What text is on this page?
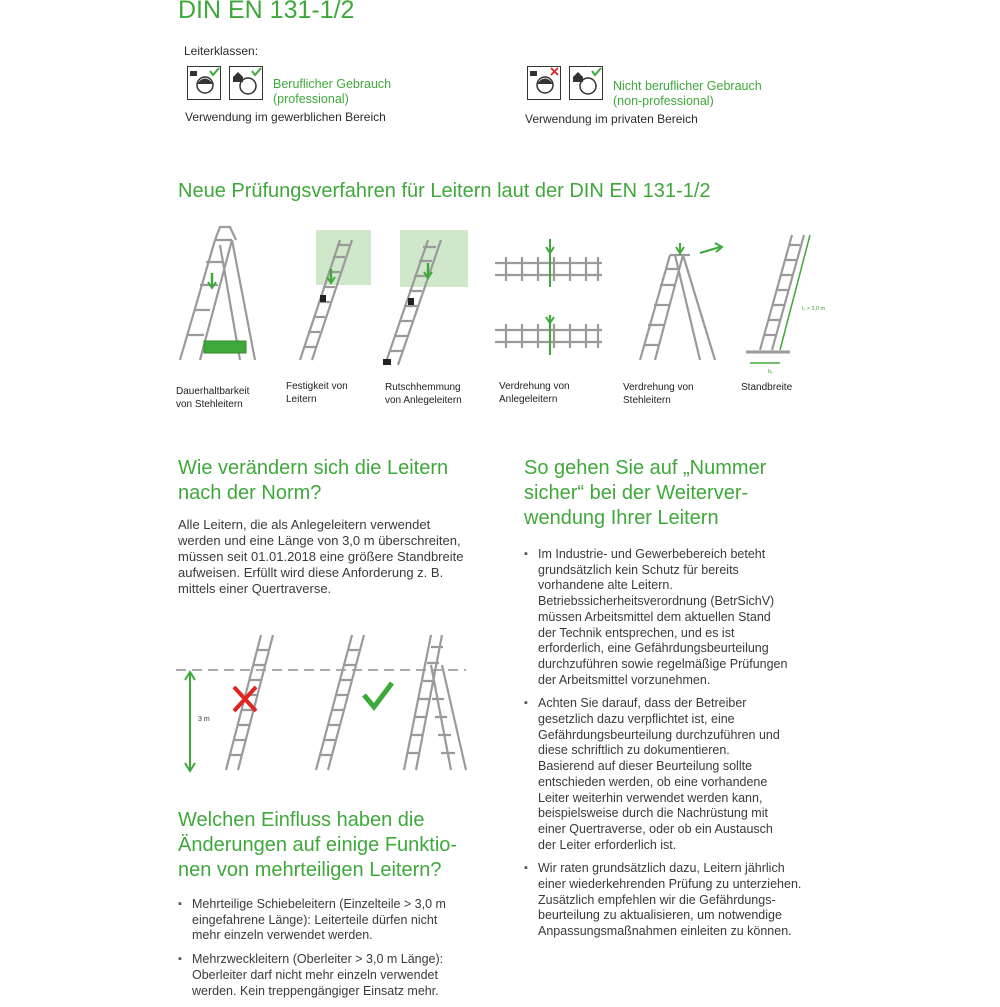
DIN EN 131-1/2
Leiterklassen:
Beruflicher Gebrauch
(professional)
Verwendung im gewerblichen Bereich
Nicht beruflicher Gebrauch
(non-professional)
Verwendung im privaten Bereich
Neue Prüfungsverfahren für Leitern laut der DIN EN 131-1/2
20 mm
l₁ > 3,0 m
b₁
Dauerhaltbarkeit
von Stehleitern
Festigkeit von
Leitern
Rutschhemmung
von Anlegeleitern
Verdrehung von
Anlegeleitern
Verdrehung von
Stehleitern
Standbreite
Wie verändern sich die Leitern
nach der Norm?

Alle Leitern, die als Anlegeleitern verwendet

werden und eine Länge von 3,0 m überschreiten,

müssen seit 01.01.2018 eine größere Standbreite

aufweisen. Erfüllt wird diese Anforderung z. B.

mittels einer Quertraverse.

3 m
Welchen Einfluss haben die
Änderungen auf einige Funktio-
nen von mehrteiligen Leitern?
▪ Mehrteilige Schiebeleitern (Einzelteile > 3,0 m
eingefahrene Länge): Leiterteile dürfen nicht
mehr einzeln verwendet werden.
▪ Mehrzweckleitern (Oberleiter > 3,0 m Länge):
Oberleiter darf nicht mehr einzeln verwendet
werden. Kein treppengängiger Einsatz mehr.
So gehen Sie auf „Nummer
sicher“ bei der Weiterver-
wendung Ihrer Leitern
▪ Im Industrie- und Gewerbebereich beteht
grundsätzlich kein Schutz für bereits
vorhandene alte Leitern.
Betriebssicherheitsverordnung (BetrSichV)
müssen Arbeitsmittel dem aktuellen Stand
der Technik entsprechen, und es ist
erforderlich, eine Gefährdungsbeurteilung
durchzuführen sowie regelmäßige Prüfungen
der Arbeitsmittel vorzunehmen.
▪ Achten Sie darauf, dass der Betreiber
gesetzlich dazu verpflichtet ist, eine
Gefährdungsbeurteilung durchzuführen und
diese schriftlich zu dokumentieren.
Basierend auf dieser Beurteilung sollte
entschieden werden, ob eine vorhandene
Leiter weiterhin verwendet werden kann,
beispielsweise durch die Nachrüstung mit
einer Quertraverse, oder ob ein Austausch
der Leiter erforderlich ist.
▪ Wir raten grundsätzlich dazu, Leitern jährlich
einer wiederkehrenden Prüfung zu unterziehen.
Zusätzlich empfehlen wir die Gefährdungs-
beurteilung zu aktualisieren, um notwendige
Anpassungsmaßnahmen einleiten zu können.
